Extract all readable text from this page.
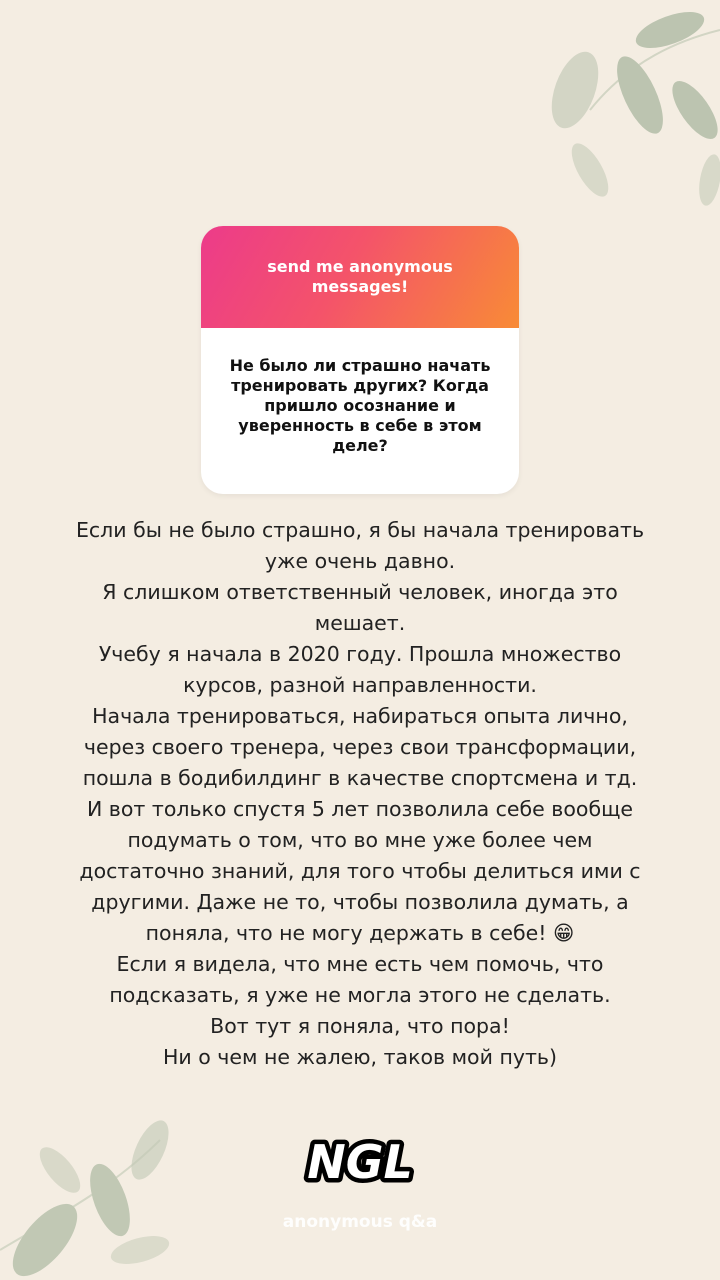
send me anonymous messages!
Не было ли страшно начать тренировать других? Когда пришло осознание и уверенность в себе в этом деле?
Если бы не было страшно, я бы начала тренировать
уже очень давно.
Я слишком ответственный человек, иногда это
мешает.
Учебу я начала в 2020 году. Прошла множество
курсов, разной направленности.
Начала тренироваться, набираться опыта лично,
через своего тренера, через свои трансформации,
пошла в бодибилдинг в качестве спортсмена и тд.
И вот только спустя 5 лет позволила себе вообще
подумать о том, что во мне уже более чем
достаточно знаний, для того чтобы делиться ими с
другими. Даже не то, чтобы позволила думать, а
поняла, что не могу держать в себе! 😁
Если я видела, что мне есть чем помочь, что
подсказать, я уже не могла этого не сделать.
Вот тут я поняла, что пора!
Ни о чем не жалею, таков мой путь)
NGL
anonymous q&a
